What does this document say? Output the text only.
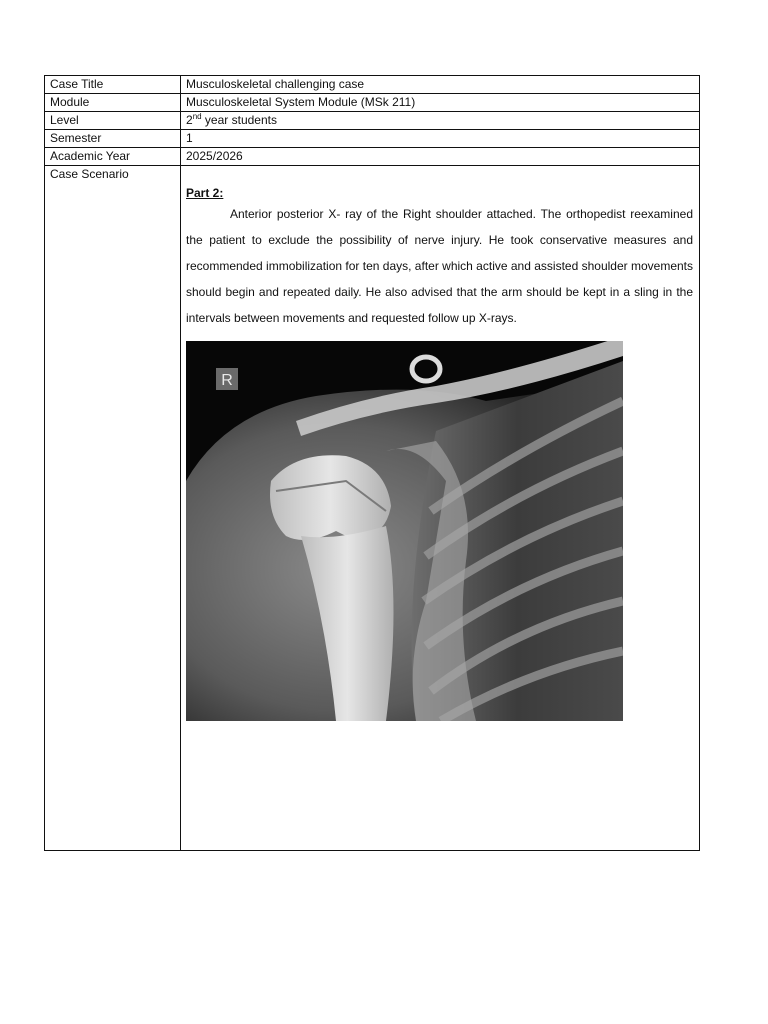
Case Title	Musculoskeletal challenging case
Module	Musculoskeletal System Module (MSk 211)
Level	2nd year students
Semester	1
Academic Year	2025/2026
Case Scenario	Part 2:

Anterior posterior X- ray of the Right shoulder attached. The orthopedist reexamined the patient to exclude the possibility of nerve injury. He took conservative measures and recommended immobilization for ten days, after which active and assisted shoulder movements should begin and repeated daily. He also advised that the arm should be kept in a sling in the intervals between movements and requested follow up X-rays.

R
